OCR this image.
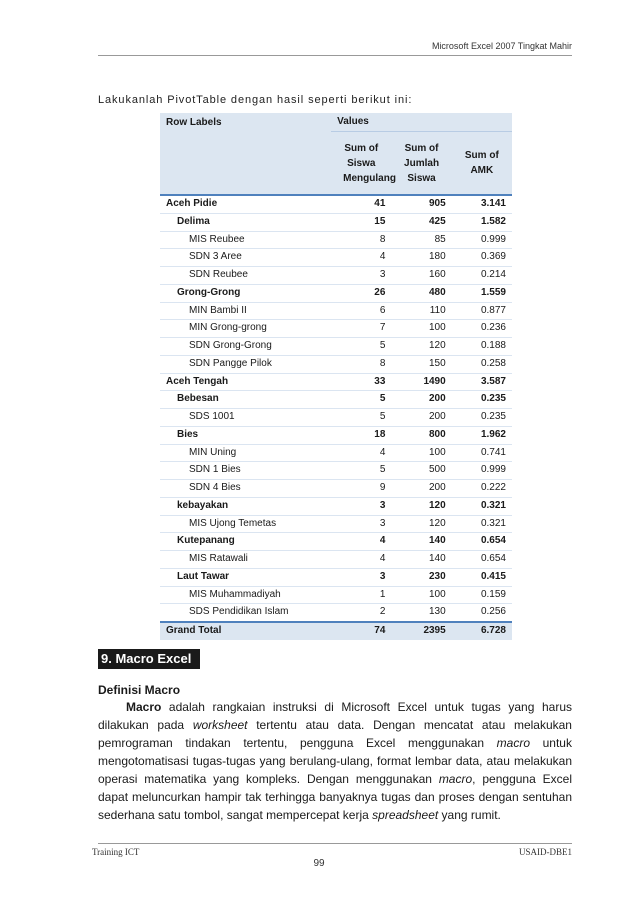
Microsoft Excel 2007 Tingkat Mahir
Lakukanlah PivotTable dengan hasil seperti berikut ini:
Row Labels	Values		
	Sum of Siswa Mengulang	Sum of Jumlah Siswa	Sum of AMK
Aceh Pidie	41	905	3.141
Delima	15	425	1.582
MIS Reubee	8	85	0.999
SDN 3 Aree	4	180	0.369
SDN Reubee	3	160	0.214
Grong-Grong	26	480	1.559
MIN Bambi II	6	110	0.877
MIN Grong-grong	7	100	0.236
SDN Grong-Grong	5	120	0.188
SDN Pangge Pilok	8	150	0.258
Aceh Tengah	33	1490	3.587
Bebesan	5	200	0.235
SDS 1001	5	200	0.235
Bies	18	800	1.962
MIN Uning	4	100	0.741
SDN 1 Bies	5	500	0.999
SDN 4 Bies	9	200	0.222
kebayakan	3	120	0.321
MIS Ujong Temetas	3	120	0.321
Kutepanang	4	140	0.654
MIS Ratawali	4	140	0.654
Laut Tawar	3	230	0.415
MIS Muhammadiyah	1	100	0.159
SDS Pendidikan Islam	2	130	0.256
Grand Total	74	2395	6.728
9. Macro Excel
Definisi Macro
Macro adalah rangkaian instruksi di Microsoft Excel untuk tugas yang harus dilakukan pada worksheet tertentu atau data. Dengan mencatat atau melakukan pemrograman tindakan tertentu, pengguna Excel menggunakan macro untuk mengotomatisasi tugas-tugas yang berulang-ulang, format lembar data, atau melakukan operasi matematika yang kompleks. Dengan menggunakan macro, pengguna Excel dapat meluncurkan hampir tak terhingga banyaknya tugas dan proses dengan sentuhan sederhana satu tombol, sangat mempercepat kerja spreadsheet yang rumit.
Training ICT	USAID-DBE1
99
